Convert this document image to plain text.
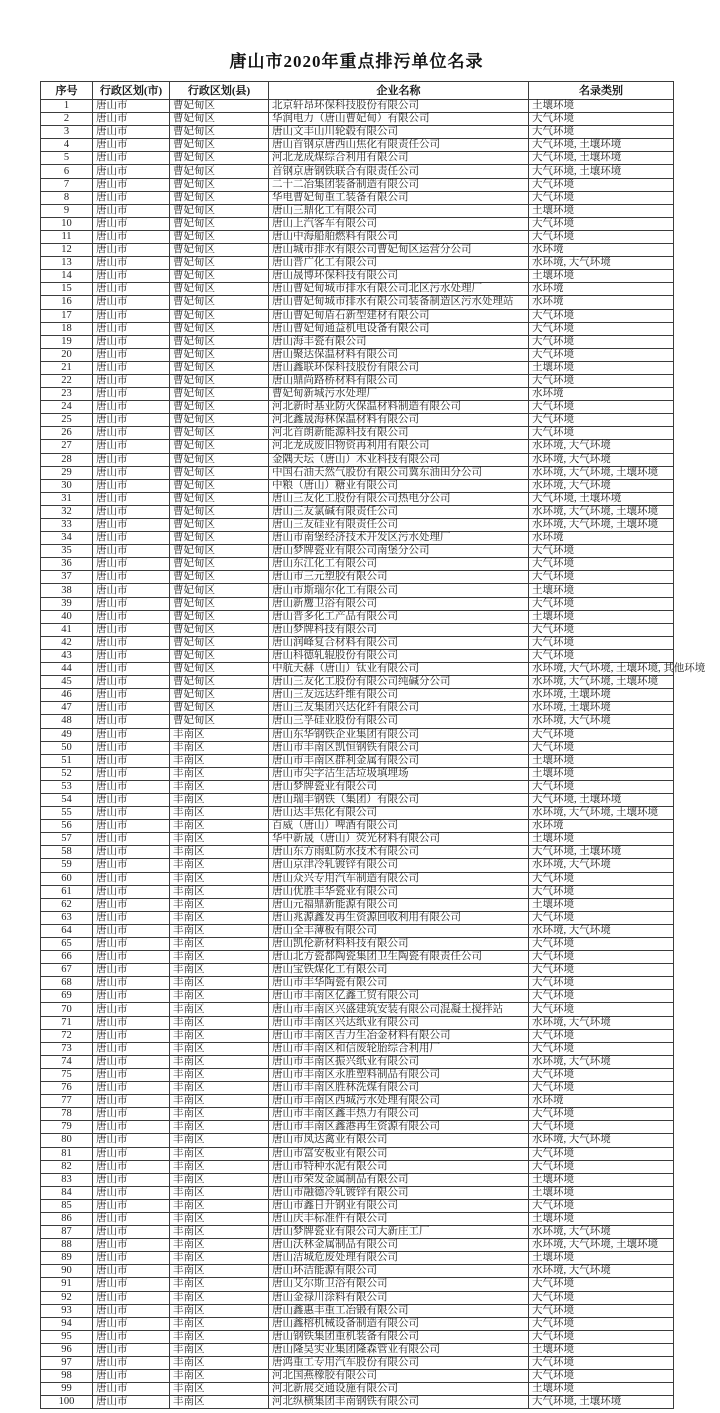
唐山市2020年重点排污单位名录
序号	行政区划(市)	行政区划(县)	企业名称	名录类别
1	唐山市	曹妃甸区	北京轩昂环保科技股份有限公司	土壤环境
2	唐山市	曹妃甸区	华润电力（唐山曹妃甸）有限公司	大气环境
3	唐山市	曹妃甸区	唐山文丰山川轮毂有限公司	大气环境
4	唐山市	曹妃甸区	唐山首钢京唐西山焦化有限责任公司	大气环境, 土壤环境
5	唐山市	曹妃甸区	河北龙成煤综合利用有限公司	大气环境, 土壤环境
6	唐山市	曹妃甸区	首钢京唐钢铁联合有限责任公司	大气环境, 土壤环境
7	唐山市	曹妃甸区	二十二冶集团装备制造有限公司	大气环境
8	唐山市	曹妃甸区	华电曹妃甸重工装备有限公司	大气环境
9	唐山市	曹妃甸区	唐山三鼎化工有限公司	土壤环境
10	唐山市	曹妃甸区	唐山上汽客车有限公司	大气环境
11	唐山市	曹妃甸区	唐山中海船舶燃料有限公司	大气环境
12	唐山市	曹妃甸区	唐山城市排水有限公司曹妃甸区运营分公司	水环境
13	唐山市	曹妃甸区	唐山晋广化工有限公司	水环境, 大气环境
14	唐山市	曹妃甸区	唐山晟博环保科技有限公司	土壤环境
15	唐山市	曹妃甸区	唐山曹妃甸城市排水有限公司北区污水处理厂	水环境
16	唐山市	曹妃甸区	唐山曹妃甸城市排水有限公司装备制造区污水处理站	水环境
17	唐山市	曹妃甸区	唐山曹妃甸盾石新型建材有限公司	大气环境
18	唐山市	曹妃甸区	唐山曹妃甸通益机电设备有限公司	大气环境
19	唐山市	曹妃甸区	唐山海丰瓷有限公司	大气环境
20	唐山市	曹妃甸区	唐山聚达保温材料有限公司	大气环境
21	唐山市	曹妃甸区	唐山鑫联环保科技股份有限公司	土壤环境
22	唐山市	曹妃甸区	唐山鼎尚路桥材料有限公司	大气环境
23	唐山市	曹妃甸区	曹妃甸新城污水处理厂	水环境
24	唐山市	曹妃甸区	河北新时基业防火保温材料制造有限公司	大气环境
25	唐山市	曹妃甸区	河北鑫晟海林保温材料有限公司	大气环境
26	唐山市	曹妃甸区	河北首朗新能源科技有限公司	大气环境
27	唐山市	曹妃甸区	河北龙成废旧物资再利用有限公司	水环境, 大气环境
28	唐山市	曹妃甸区	金隅天坛（唐山）木业科技有限公司	水环境, 大气环境
29	唐山市	曹妃甸区	中国石油天然气股份有限公司冀东油田分公司	水环境, 大气环境, 土壤环境
30	唐山市	曹妃甸区	中粮（唐山）糖业有限公司	水环境, 大气环境
31	唐山市	曹妃甸区	唐山三友化工股份有限公司热电分公司	大气环境, 土壤环境
32	唐山市	曹妃甸区	唐山三友氯碱有限责任公司	水环境, 大气环境, 土壤环境
33	唐山市	曹妃甸区	唐山三友硅业有限责任公司	水环境, 大气环境, 土壤环境
34	唐山市	曹妃甸区	唐山市南堡经济技术开发区污水处理厂	水环境
35	唐山市	曹妃甸区	唐山梦牌瓷业有限公司南堡分公司	大气环境
36	唐山市	曹妃甸区	唐山东江化工有限公司	大气环境
37	唐山市	曹妃甸区	唐山市三元塑胶有限公司	大气环境
38	唐山市	曹妃甸区	唐山市斯瑞尔化工有限公司	土壤环境
39	唐山市	曹妃甸区	唐山新鹰卫浴有限公司	大气环境
40	唐山市	曹妃甸区	唐山晋多化工产品有限公司	土壤环境
41	唐山市	曹妃甸区	唐山梦牌科技有限公司	大气环境
42	唐山市	曹妃甸区	唐山润峰复合材料有限公司	大气环境
43	唐山市	曹妃甸区	唐山科德轧辊股份有限公司	大气环境
44	唐山市	曹妃甸区	中航天赫（唐山）钛业有限公司	水环境, 大气环境, 土壤环境, 其他环境
45	唐山市	曹妃甸区	唐山三友化工股份有限公司纯碱分公司	水环境, 大气环境, 土壤环境
46	唐山市	曹妃甸区	唐山三友远达纤维有限公司	水环境, 土壤环境
47	唐山市	曹妃甸区	唐山三友集团兴达化纤有限公司	水环境, 土壤环境
48	唐山市	曹妃甸区	唐山三孚硅业股份有限公司	水环境, 大气环境
49	唐山市	丰南区	唐山东华钢铁企业集团有限公司	大气环境
50	唐山市	丰南区	唐山市丰南区凯恒钢铁有限公司	大气环境
51	唐山市	丰南区	唐山市丰南区群利金属有限公司	土壤环境
52	唐山市	丰南区	唐山市尖字沽生活垃圾填埋场	土壤环境
53	唐山市	丰南区	唐山梦牌瓷业有限公司	大气环境
54	唐山市	丰南区	唐山瑞丰钢铁（集团）有限公司	大气环境, 土壤环境
55	唐山市	丰南区	唐山达丰焦化有限公司	水环境, 大气环境, 土壤环境
56	唐山市	丰南区	百威（唐山）啤酒有限公司	水环境
57	唐山市	丰南区	华中新晟（唐山）荧光材料有限公司	土壤环境
58	唐山市	丰南区	唐山东方雨虹防水技术有限公司	大气环境, 土壤环境
59	唐山市	丰南区	唐山京津冷轧镀锌有限公司	水环境, 大气环境
60	唐山市	丰南区	唐山众兴专用汽车制造有限公司	大气环境
61	唐山市	丰南区	唐山优胜丰华瓷业有限公司	大气环境
62	唐山市	丰南区	唐山元福鼎新能源有限公司	土壤环境
63	唐山市	丰南区	唐山兆源鑫发再生资源回收利用有限公司	大气环境
64	唐山市	丰南区	唐山全丰薄板有限公司	水环境, 大气环境
65	唐山市	丰南区	唐山凯伦新材料科技有限公司	大气环境
66	唐山市	丰南区	唐山北方瓷都陶瓷集团卫生陶瓷有限责任公司	大气环境
67	唐山市	丰南区	唐山宝铁煤化工有限公司	大气环境
68	唐山市	丰南区	唐山市丰华陶瓷有限公司	大气环境
69	唐山市	丰南区	唐山市丰南区亿鑫工贸有限公司	大气环境
70	唐山市	丰南区	唐山市丰南区兴盛建筑安装有限公司混凝土搅拌站	大气环境
71	唐山市	丰南区	唐山市丰南区兴达纸业有限公司	水环境, 大气环境
72	唐山市	丰南区	唐山市丰南区吉力生冶金材料有限公司	大气环境
73	唐山市	丰南区	唐山市丰南区和信废轮胎综合利用厂	大气环境
74	唐山市	丰南区	唐山市丰南区振兴纸业有限公司	水环境, 大气环境
75	唐山市	丰南区	唐山市丰南区永胜塑料制品有限公司	大气环境
76	唐山市	丰南区	唐山市丰南区胜林洗煤有限公司	大气环境
77	唐山市	丰南区	唐山市丰南区西城污水处理有限公司	水环境
78	唐山市	丰南区	唐山市丰南区鑫丰热力有限公司	大气环境
79	唐山市	丰南区	唐山市丰南区鑫港再生资源有限公司	大气环境
80	唐山市	丰南区	唐山市凤达禽业有限公司	水环境, 大气环境
81	唐山市	丰南区	唐山市富安板业有限公司	大气环境
82	唐山市	丰南区	唐山市特种水泥有限公司	大气环境
83	唐山市	丰南区	唐山市荣发金属制品有限公司	土壤环境
84	唐山市	丰南区	唐山市融德冷轧镀锌有限公司	土壤环境
85	唐山市	丰南区	唐山市鑫日升钢业有限公司	大气环境
86	唐山市	丰南区	唐山庆丰标准件有限公司	土壤环境
87	唐山市	丰南区	唐山梦牌瓷业有限公司大新庄工厂	水环境, 大气环境
88	唐山市	丰南区	唐山沃林金属制品有限公司	水环境, 大气环境, 土壤环境
89	唐山市	丰南区	唐山洁城危废处理有限公司	土壤环境
90	唐山市	丰南区	唐山环洁能源有限公司	水环境, 大气环境
91	唐山市	丰南区	唐山艾尔斯卫浴有限公司	大气环境
92	唐山市	丰南区	唐山金禄川涂料有限公司	大气环境
93	唐山市	丰南区	唐山鑫惠丰重工冶锻有限公司	大气环境
94	唐山市	丰南区	唐山鑫榕机械设备制造有限公司	大气环境
95	唐山市	丰南区	唐山钢铁集团重机装备有限公司	大气环境
96	唐山市	丰南区	唐山隆昊实业集团隆森管业有限公司	土壤环境
97	唐山市	丰南区	唐鸿重工专用汽车股份有限公司	大气环境
98	唐山市	丰南区	河北国燕橡胶有限公司	大气环境
99	唐山市	丰南区	河北新展交通设施有限公司	土壤环境
100	唐山市	丰南区	河北纵横集团丰南钢铁有限公司	大气环境, 土壤环境
